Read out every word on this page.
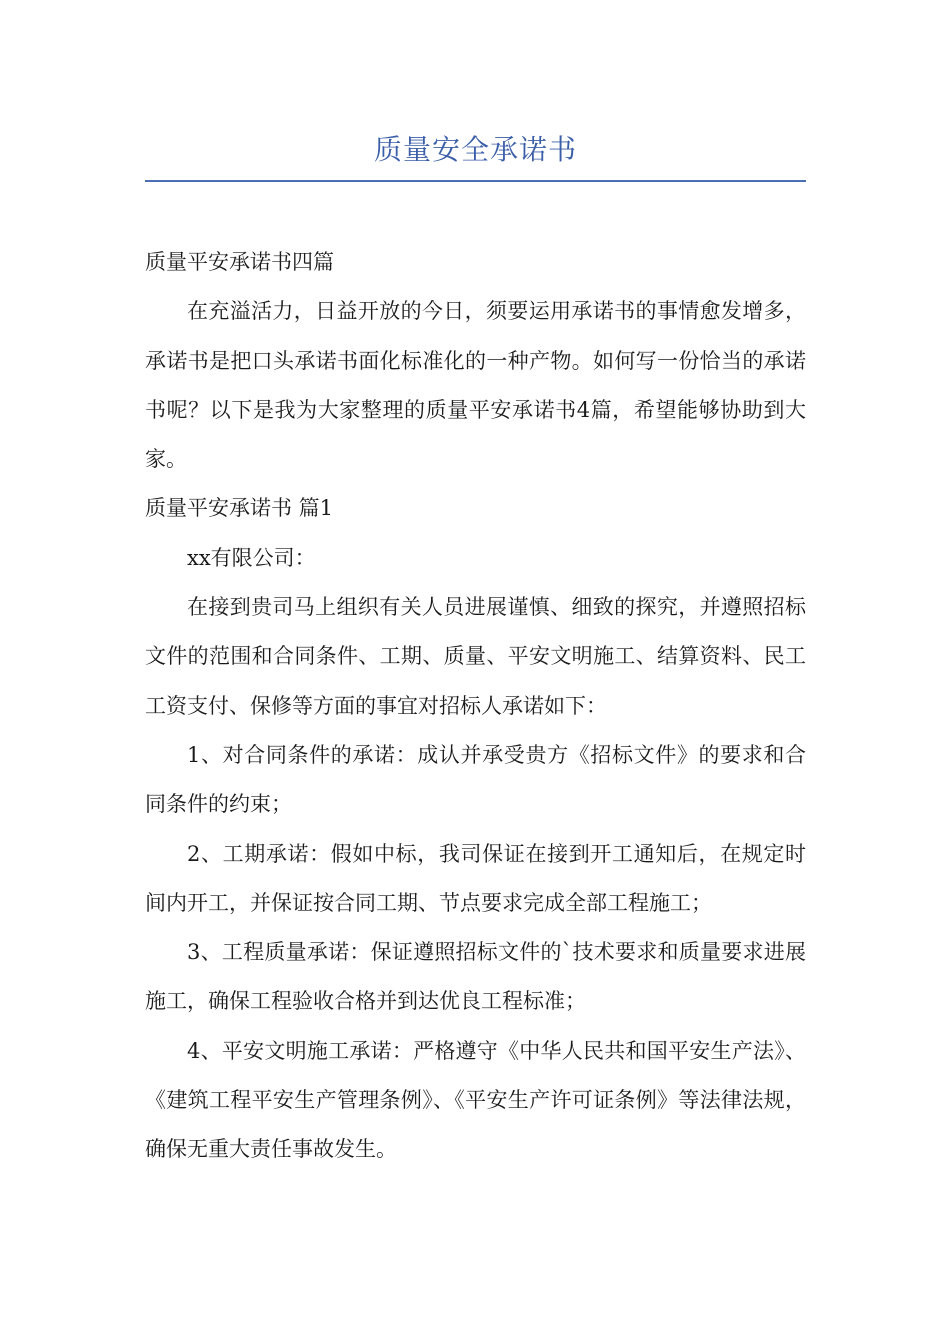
质量安全承诺书

质量平安承诺书四篇

在充溢活力，日益开放的今日，须要运用承诺书的事情愈发增多，承诺书是把口头承诺书面化标准化的一种产物。如何写一份恰当的承诺书呢？以下是我为大家整理的质量平安承诺书4篇，希望能够协助到大家。

质量平安承诺书 篇1

xx有限公司：

在接到贵司马上组织有关人员进展谨慎、细致的探究，并遵照招标文件的范围和合同条件、工期、质量、平安文明施工、结算资料、民工工资支付、保修等方面的事宜对招标人承诺如下：

1、对合同条件的承诺：成认并承受贵方《招标文件》的要求和合同条件的约束；

2、工期承诺：假如中标，我司保证在接到开工通知后，在规定时间内开工，并保证按合同工期、节点要求完成全部工程施工；

3、工程质量承诺：保证遵照招标文件的`技术要求和质量要求进展施工，确保工程验收合格并到达优良工程标准；

4、平安文明施工承诺：严格遵守《中华人民共和国平安生产法》、《建筑工程平安生产管理条例》、《平安生产许可证条例》等法律法规，确保无重大责任事故发生。
